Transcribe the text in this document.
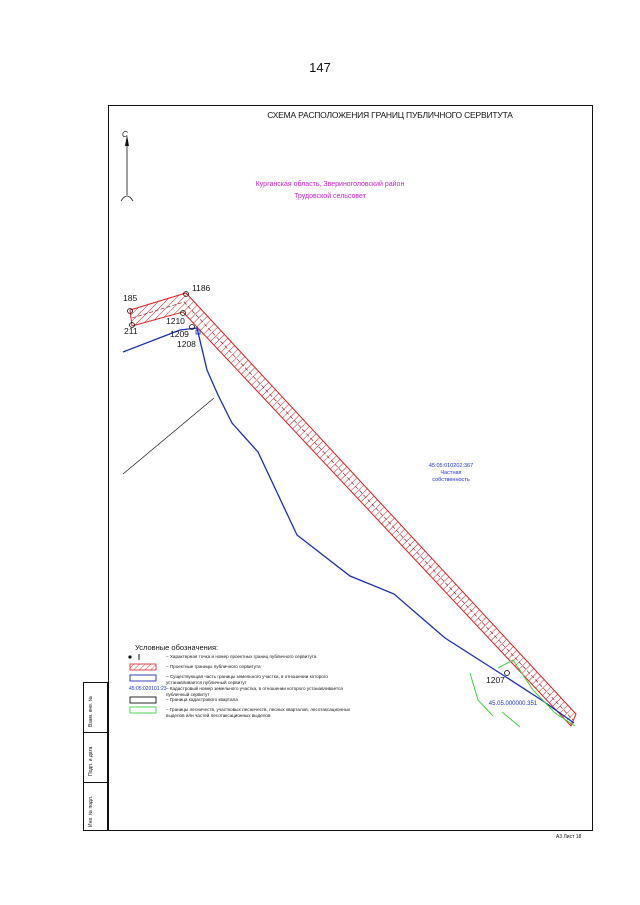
147
СХЕМА РАСПОЛОЖЕНИЯ ГРАНИЦ ПУБЛИЧНОГО СЕРВИТУТА
С
Курганская область, Звериноголовский район
Трудовской сельсовет
185
1186
211
1210
1209
1208
1207
45:05:010202:367
Частная
собственность
45.05.000000.351
Условные обозначения:
– Характерная точка и номер проектных границ публичного сервитута
– Проектные границы публичного сервитута
– Существующая часть границы земельного участка, в отношении которого устанавливается публичный сервитут
45:05:020101:23 – Кадастровый номер земельного участка, в отношении которого устанавливается публичный сервитут
– Граница кадастрового квартала
– Границы лесничеств, участковых лесничеств, лесных кварталов, лесотаксационных выделов или частей лесотаксационных выделов
Взам. инв. №
Подп. и дата
Инв. № подл.
А3 Лист 18
